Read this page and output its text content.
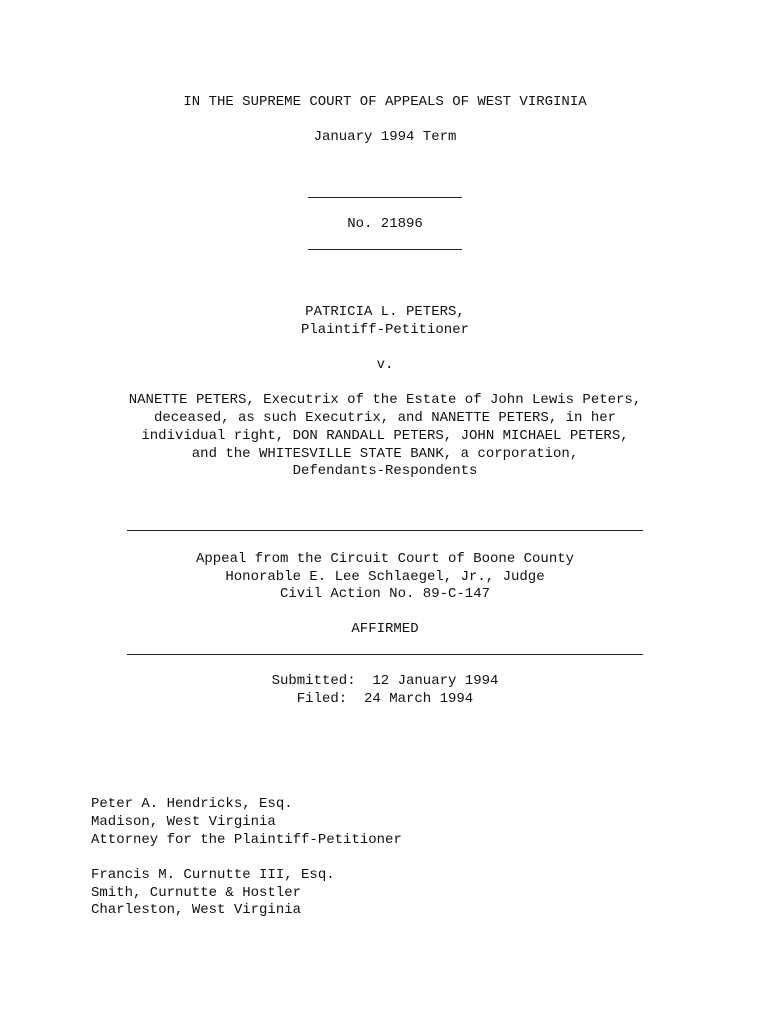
IN THE SUPREME COURT OF APPEALS OF WEST VIRGINIA
January 1994 Term
No. 21896
PATRICIA L. PETERS,
Plaintiff-Petitioner
v.
NANETTE PETERS, Executrix of the Estate of John Lewis Peters,
deceased, as such Executrix, and NANETTE PETERS, in her
individual right, DON RANDALL PETERS, JOHN MICHAEL PETERS,
and the WHITESVILLE STATE BANK, a corporation,
Defendants-Respondents
Appeal from the Circuit Court of Boone County
Honorable E. Lee Schlaegel, Jr., Judge
Civil Action No. 89-C-147
AFFIRMED
Submitted:  12 January 1994
Filed:  24 March 1994
Peter A. Hendricks, Esq.
Madison, West Virginia
Attorney for the Plaintiff-Petitioner
Francis M. Curnutte III, Esq.
Smith, Curnutte & Hostler
Charleston, West Virginia
